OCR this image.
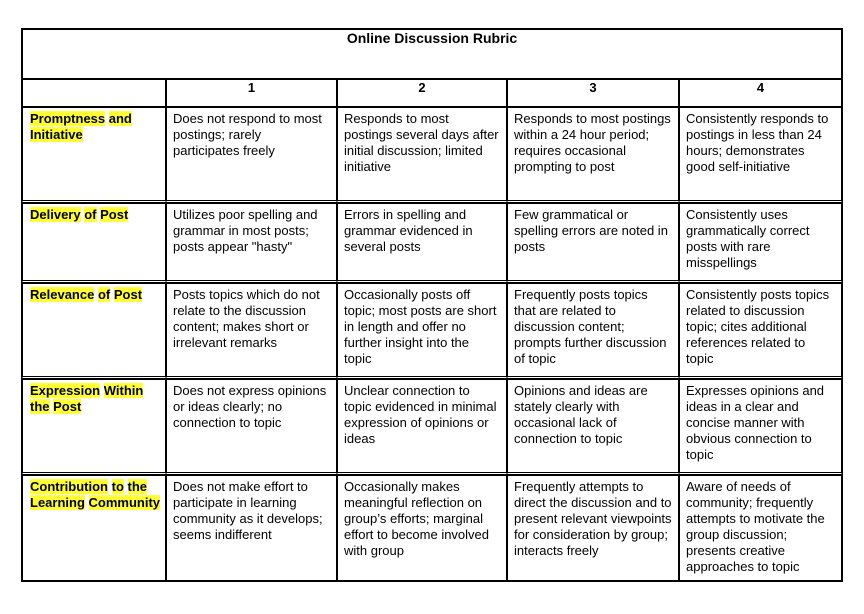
Online Discussion Rubric				
	1	2	3	4

Promptness and Initiative	Does not respond to most postings; rarely participates freely	Responds to most postings several days after initial discussion; limited initiative	Responds to most postings within a 24 hour period; requires occasional prompting to post	Consistently responds to postings in less than 24 hours; demonstrates good self-initiative

Delivery of Post	Utilizes poor spelling and grammar in most posts; posts appear "hasty"	Errors in spelling and grammar evidenced in several posts	Few grammatical or spelling errors are noted in posts	Consistently uses grammatically correct posts with rare misspellings

Relevance of Post	Posts topics which do not relate to the discussion content; makes short or irrelevant remarks	Occasionally posts off topic; most posts are short in length and offer no further insight into the topic	Frequently posts topics that are related to discussion content; prompts further discussion of topic	Consistently posts topics related to discussion topic; cites additional references related to topic

Expression Within the Post	Does not express opinions or ideas clearly; no connection to topic	Unclear connection to topic evidenced in minimal expression of opinions or ideas	Opinions and ideas are stately clearly with occasional lack of connection to topic	Expresses opinions and ideas in a clear and concise manner with obvious connection to topic

Contribution to the Learning Community	Does not make effort to participate in learning community as it develops; seems indifferent	Occasionally makes meaningful reflection on group’s efforts; marginal effort to become involved with group	Frequently attempts to direct the discussion and to present relevant viewpoints for consideration by group; interacts freely	Aware of needs of community; frequently attempts to motivate the group discussion; presents creative approaches to topic
